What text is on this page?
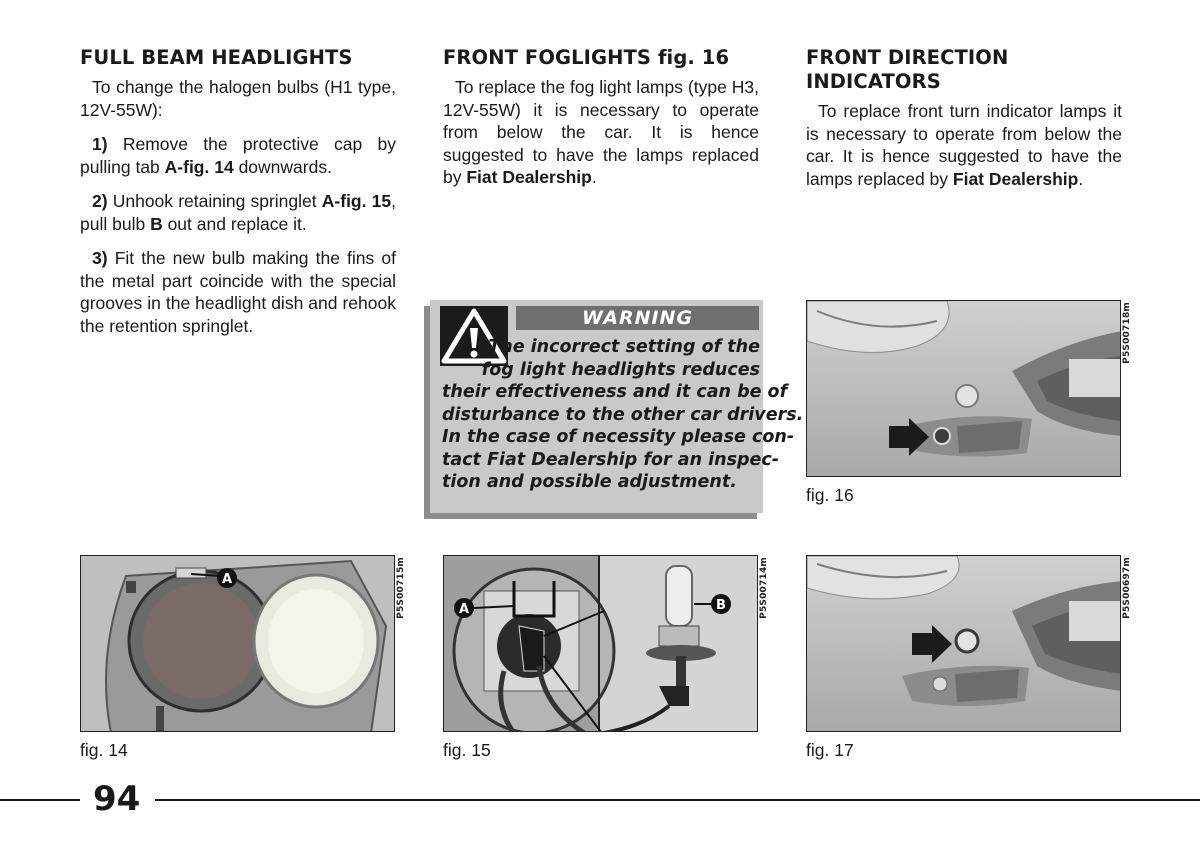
FULL BEAM HEADLIGHTS

To change the halogen bulbs (H1 type, 12V-55W):

1) Remove the protective cap by pulling tab A-fig. 14 downwards.

2) Unhook retaining springlet A-fig. 15, pull bulb B out and replace it.

3) Fit the new bulb making the fins of the metal part coincide with the special grooves in the headlight dish and rehook the retention springlet.

FRONT FOGLIGHTS fig. 16

To replace the fog light lamps (type H3, 12V-55W) it is necessary to operate from below the car. It is hence suggested to have the lamps replaced by Fiat Dealership.

FRONT DIRECTION
INDICATORS

To replace front turn indicator lamps it is necessary to operate from below the car. It is hence suggested to have the lamps replaced by Fiat Dealership.

WARNING
The incorrect setting of the
fog light headlights reduces
their effectiveness and it can be of
disturbance to the other car drivers.
In the case of necessity please con-
tact Fiat Dealership for an inspec-
tion and possible adjustment.
P5S00718m
fig. 16
A	P5S00715m
fig. 14
A	B	P5S00714m
fig. 15
P5S00697m
fig. 17
94
